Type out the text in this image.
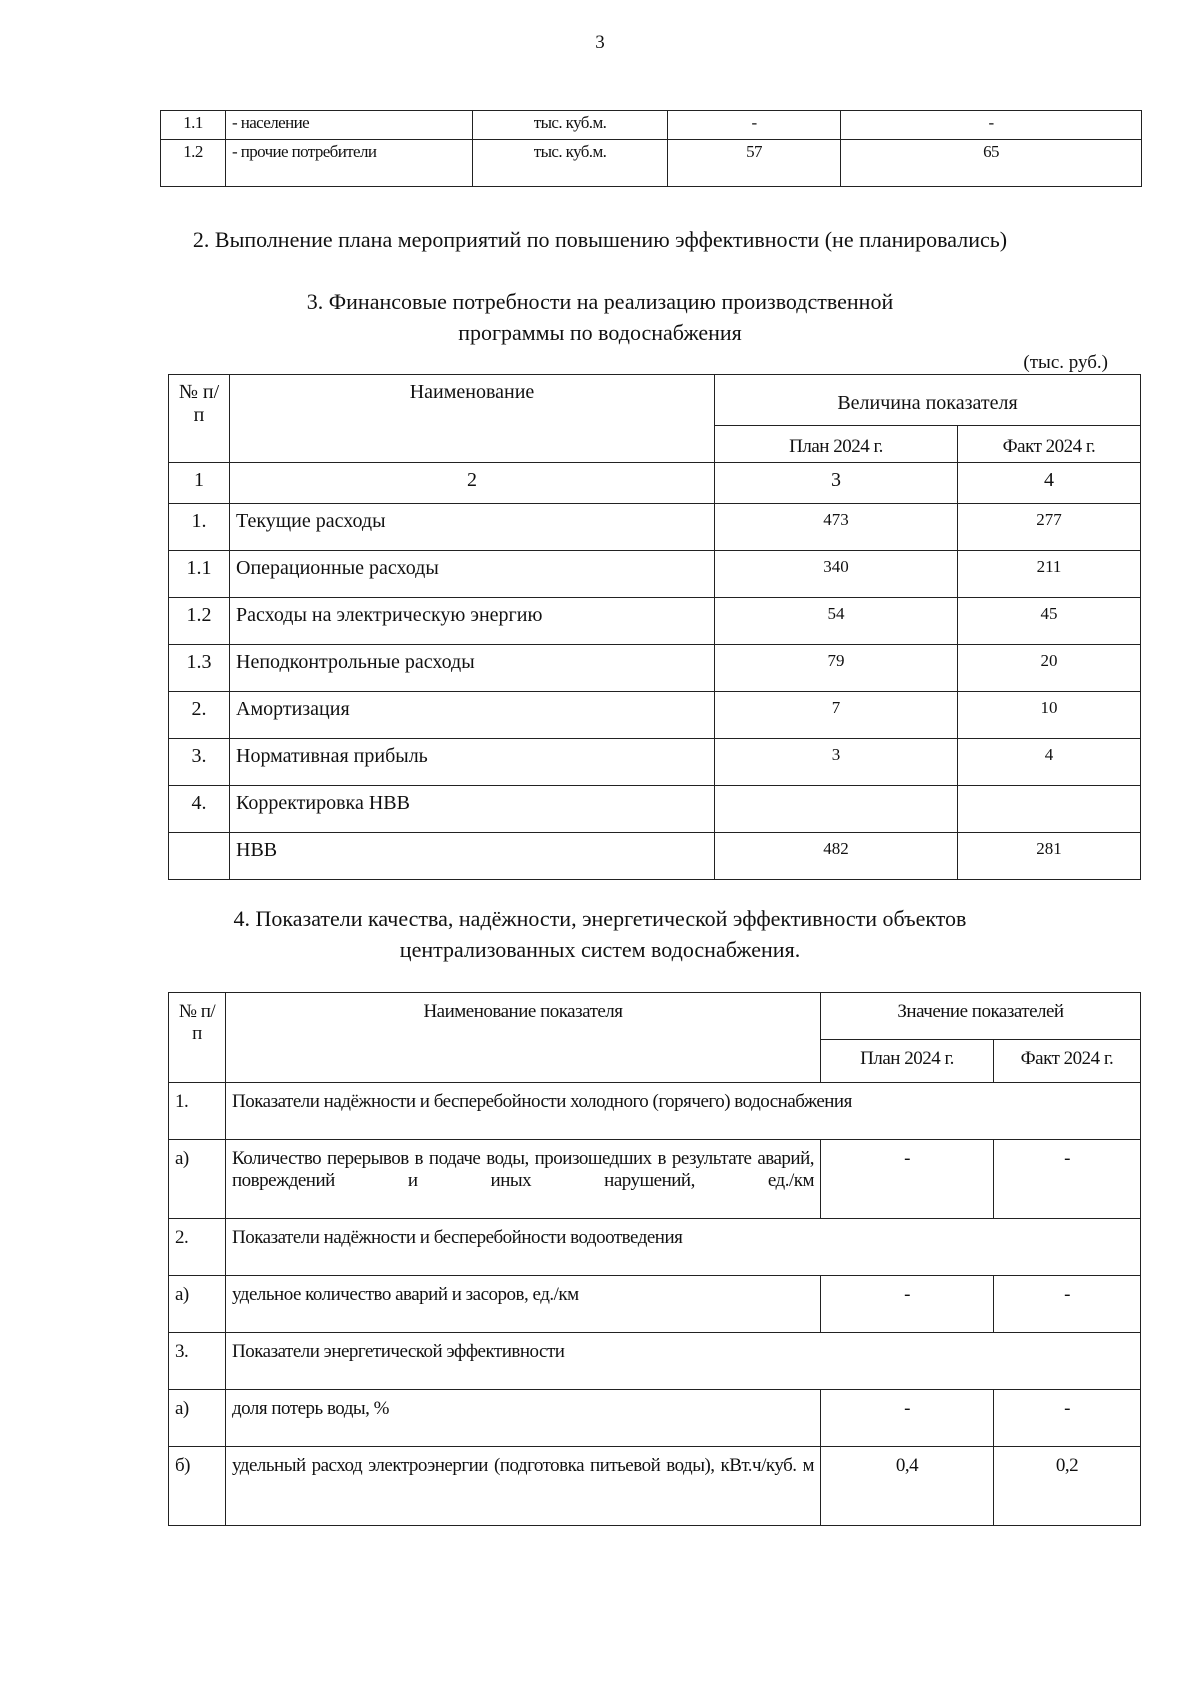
3
1.1	- население	тыс. куб.м.	-	-
1.2	- прочие потребители	тыс. куб.м.	57	65
2. Выполнение плана мероприятий по повышению эффективности (не планировались)
3. Финансовые потребности на реализацию производственной
программы по водоснабжения
(тыс. руб.)
№ п/п	Наименование	Величина показателя	
		План 2024 г.	Факт 2024 г.
1	2	3	4
1.	Текущие расходы	473	277
1.1	Операционные расходы	340	211
1.2	Расходы на электрическую энергию	54	45
1.3	Неподконтрольные расходы	79	20
2.	Амортизация	7	10
3.	Нормативная прибыль	3	4
4.	Корректировка НВВ		
	НВВ	482	281
4. Показатели качества, надёжности, энергетической эффективности объектов
централизованных систем водоснабжения.
№ п/п	Наименование показателя	Значение показателей	
		План 2024 г.	Факт 2024 г.
1.	Показатели надёжности и бесперебойности холодного (горячего) водоснабжения		
а)	Количество перерывов в подаче воды, произошедших в результате аварий, повреждений и иных нарушений, ед./км	-	-
2.	Показатели надёжности и бесперебойности водоотведения		
а)	удельное количество аварий и засоров, ед./км	-	-
3.	Показатели энергетической эффективности		
а)	доля потерь воды, %	-	-
б)	удельный расход электроэнергии (подготовка питьевой воды), кВт.ч/куб. м	0,4	0,2
